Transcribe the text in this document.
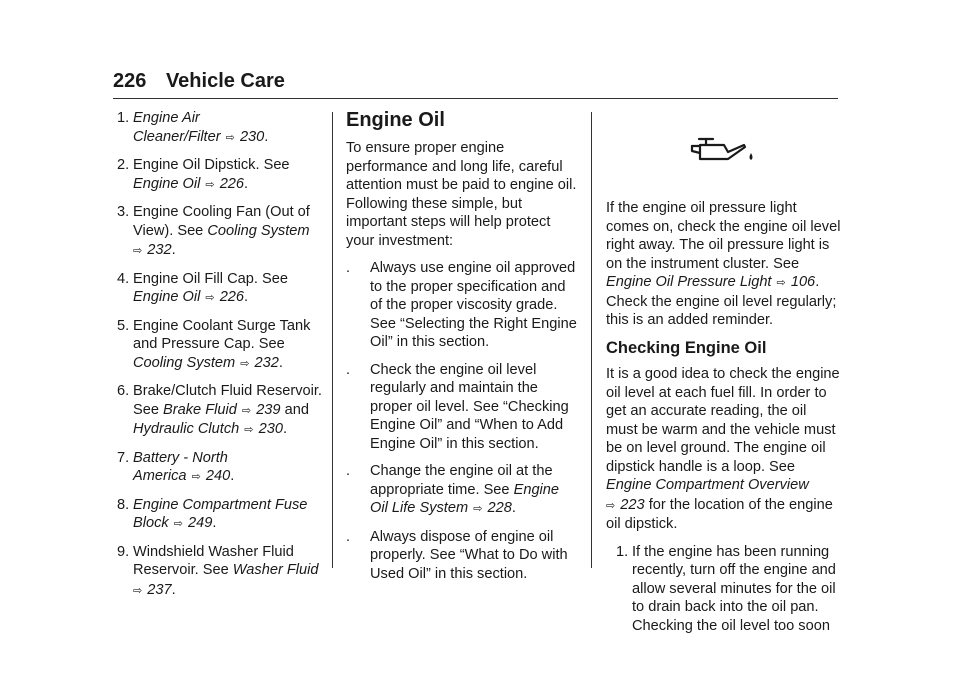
226 Vehicle Care
1. Engine Air Cleaner/Filter ⇨ 230.
2. Engine Oil Dipstick. See Engine Oil ⇨ 226.
3. Engine Cooling Fan (Out of View). See Cooling System ⇨ 232.
4. Engine Oil Fill Cap. See Engine Oil ⇨ 226.
5. Engine Coolant Surge Tank and Pressure Cap. See Cooling System ⇨ 232.
6. Brake/Clutch Fluid Reservoir. See Brake Fluid ⇨ 239 and Hydraulic Clutch ⇨ 230.
7. Battery - North America ⇨ 240.
8. Engine Compartment Fuse Block ⇨ 249.
9. Windshield Washer Fluid Reservoir. See Washer Fluid ⇨ 237.
Engine Oil

To ensure proper engine performance and long life, careful attention must be paid to engine oil. Following these simple, but important steps will help protect your investment:

.	Always use engine oil approved to the proper specification and of the proper viscosity grade. See “Selecting the Right Engine Oil” in this section.
.	Check the engine oil level regularly and maintain the proper oil level. See “Checking Engine Oil” and “When to Add Engine Oil” in this section.
.	Change the engine oil at the appropriate time. See Engine Oil Life System ⇨ 228.
.	Always dispose of engine oil properly. See “What to Do with Used Oil” in this section.

If the engine oil pressure light comes on, check the engine oil level right away. The oil pressure light is on the instrument cluster. See Engine Oil Pressure Light ⇨ 106. Check the engine oil level regularly; this is an added reminder.

Checking Engine Oil

It is a good idea to check the engine oil level at each fuel fill. In order to get an accurate reading, the oil must be warm and the vehicle must be on level ground. The engine oil dipstick handle is a loop. See Engine Compartment Overview ⇨ 223 for the location of the engine oil dipstick.

1. If the engine has been running recently, turn off the engine and allow several minutes for the oil to drain back into the oil pan. Checking the oil level too soon
